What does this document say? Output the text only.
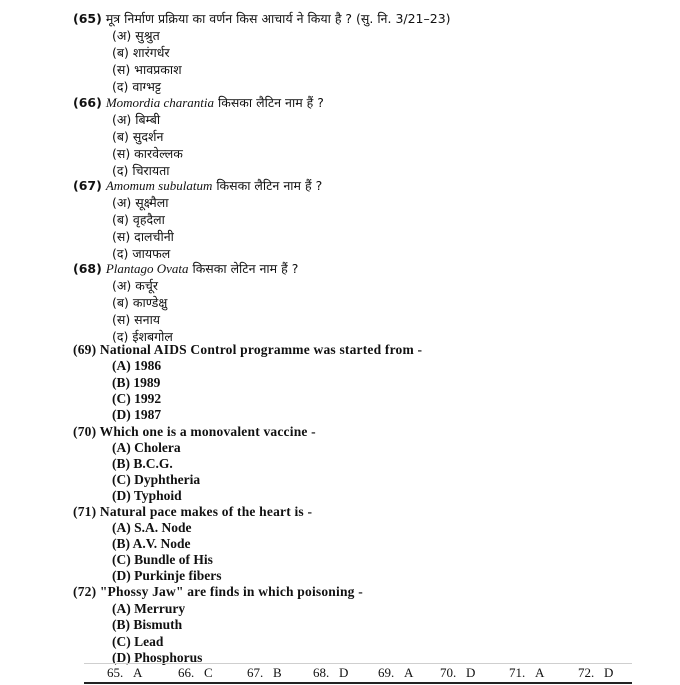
(65) मूत्र निर्माण प्रक्रिया का वर्णन किस आचार्य ने किया है ? (सु. नि. 3/21–23)
(अ) सुश्रुत
(ब) शारंगर्धर
(स) भावप्रकाश
(द) वाग्भट्ट
(66) Momordia charantia किसका लैटिन नाम हैं ?
(अ) बिम्बी
(ब) सुदर्शन
(स) कारवेल्लक
(द) चिरायता
(67) Amomum subulatum किसका लैटिन नाम हैं ?
(अ) सूक्ष्मैला
(ब) वृहदैला
(स) दालचीनी
(द) जायफल
(68) Plantago Ovata किसका लेटिन नाम हैं ?
(अ) कर्चूर
(ब) काण्डेक्षु
(स) सनाय
(द) ईशबगोल
(69) National AIDS Control programme was started from -
(A) 1986
(B) 1989
(C) 1992
(D) 1987
(70) Which one is a monovalent vaccine -
(A) Cholera
(B) B.C.G.
(C) Dyphtheria
(D) Typhoid
(71) Natural pace makes of the heart is -
(A) S.A. Node
(B) A.V. Node
(C) Bundle of His
(D) Purkinje fibers
(72) "Phossy Jaw" are finds in which poisoning -
(A) Merrury
(B) Bismuth
(C) Lead
(D) Phosphorus
65. A	66. C	67. B 68. D 69. A 70. D	71. A	72. D
